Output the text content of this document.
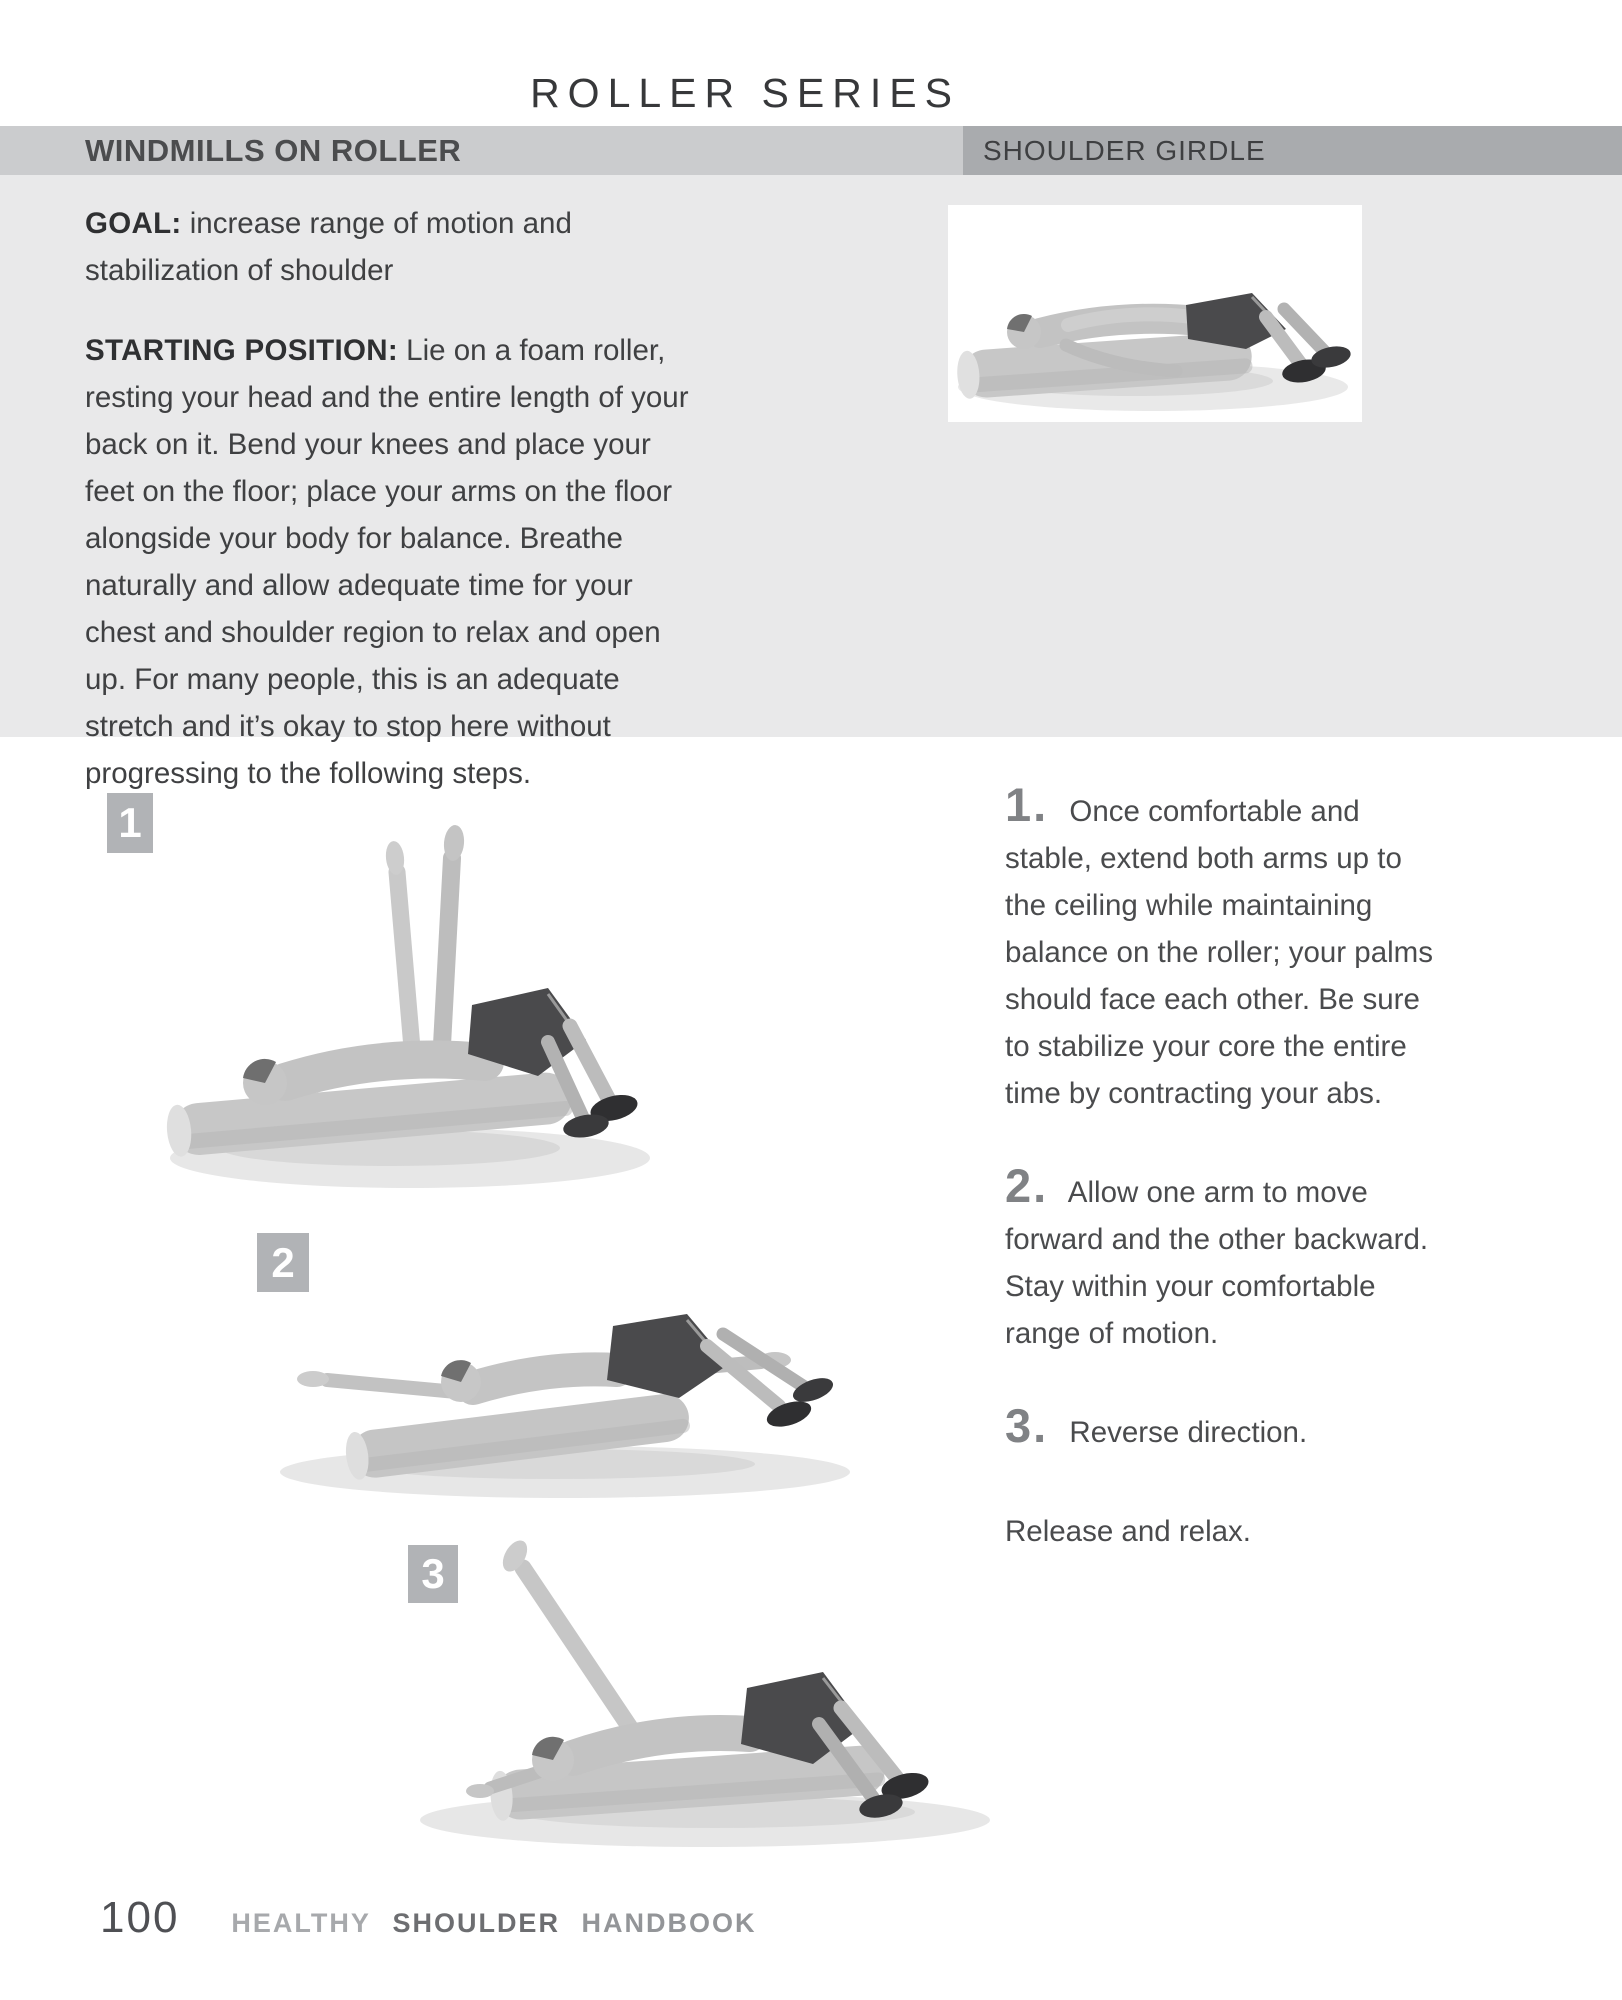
ROLLER SERIES
WINDMILLS ON ROLLER	SHOULDER GIRDLE

GOAL: increase range of motion and stabilization of shoulder

STARTING POSITION: Lie on a foam roller, resting your head and the entire length of your back on it. Bend your knees and place your feet on the floor; place your arms on the floor alongside your body for balance. Breathe naturally and allow adequate time for your chest and shoulder region to relax and open up. For many people, this is an adequate stretch and it’s okay to stop here without progressing to the following steps.

1
2
3

1. Once comfortable and stable, extend both arms up to the ceiling while maintaining balance on the roller; your palms should face each other. Be sure to stabilize your core the entire time by contracting your abs.

2. Allow one arm to move forward and the other backward. Stay within your comfortable range of motion.

3. Reverse direction.

Release and relax.

100 HEALTHY SHOULDER HANDBOOK
